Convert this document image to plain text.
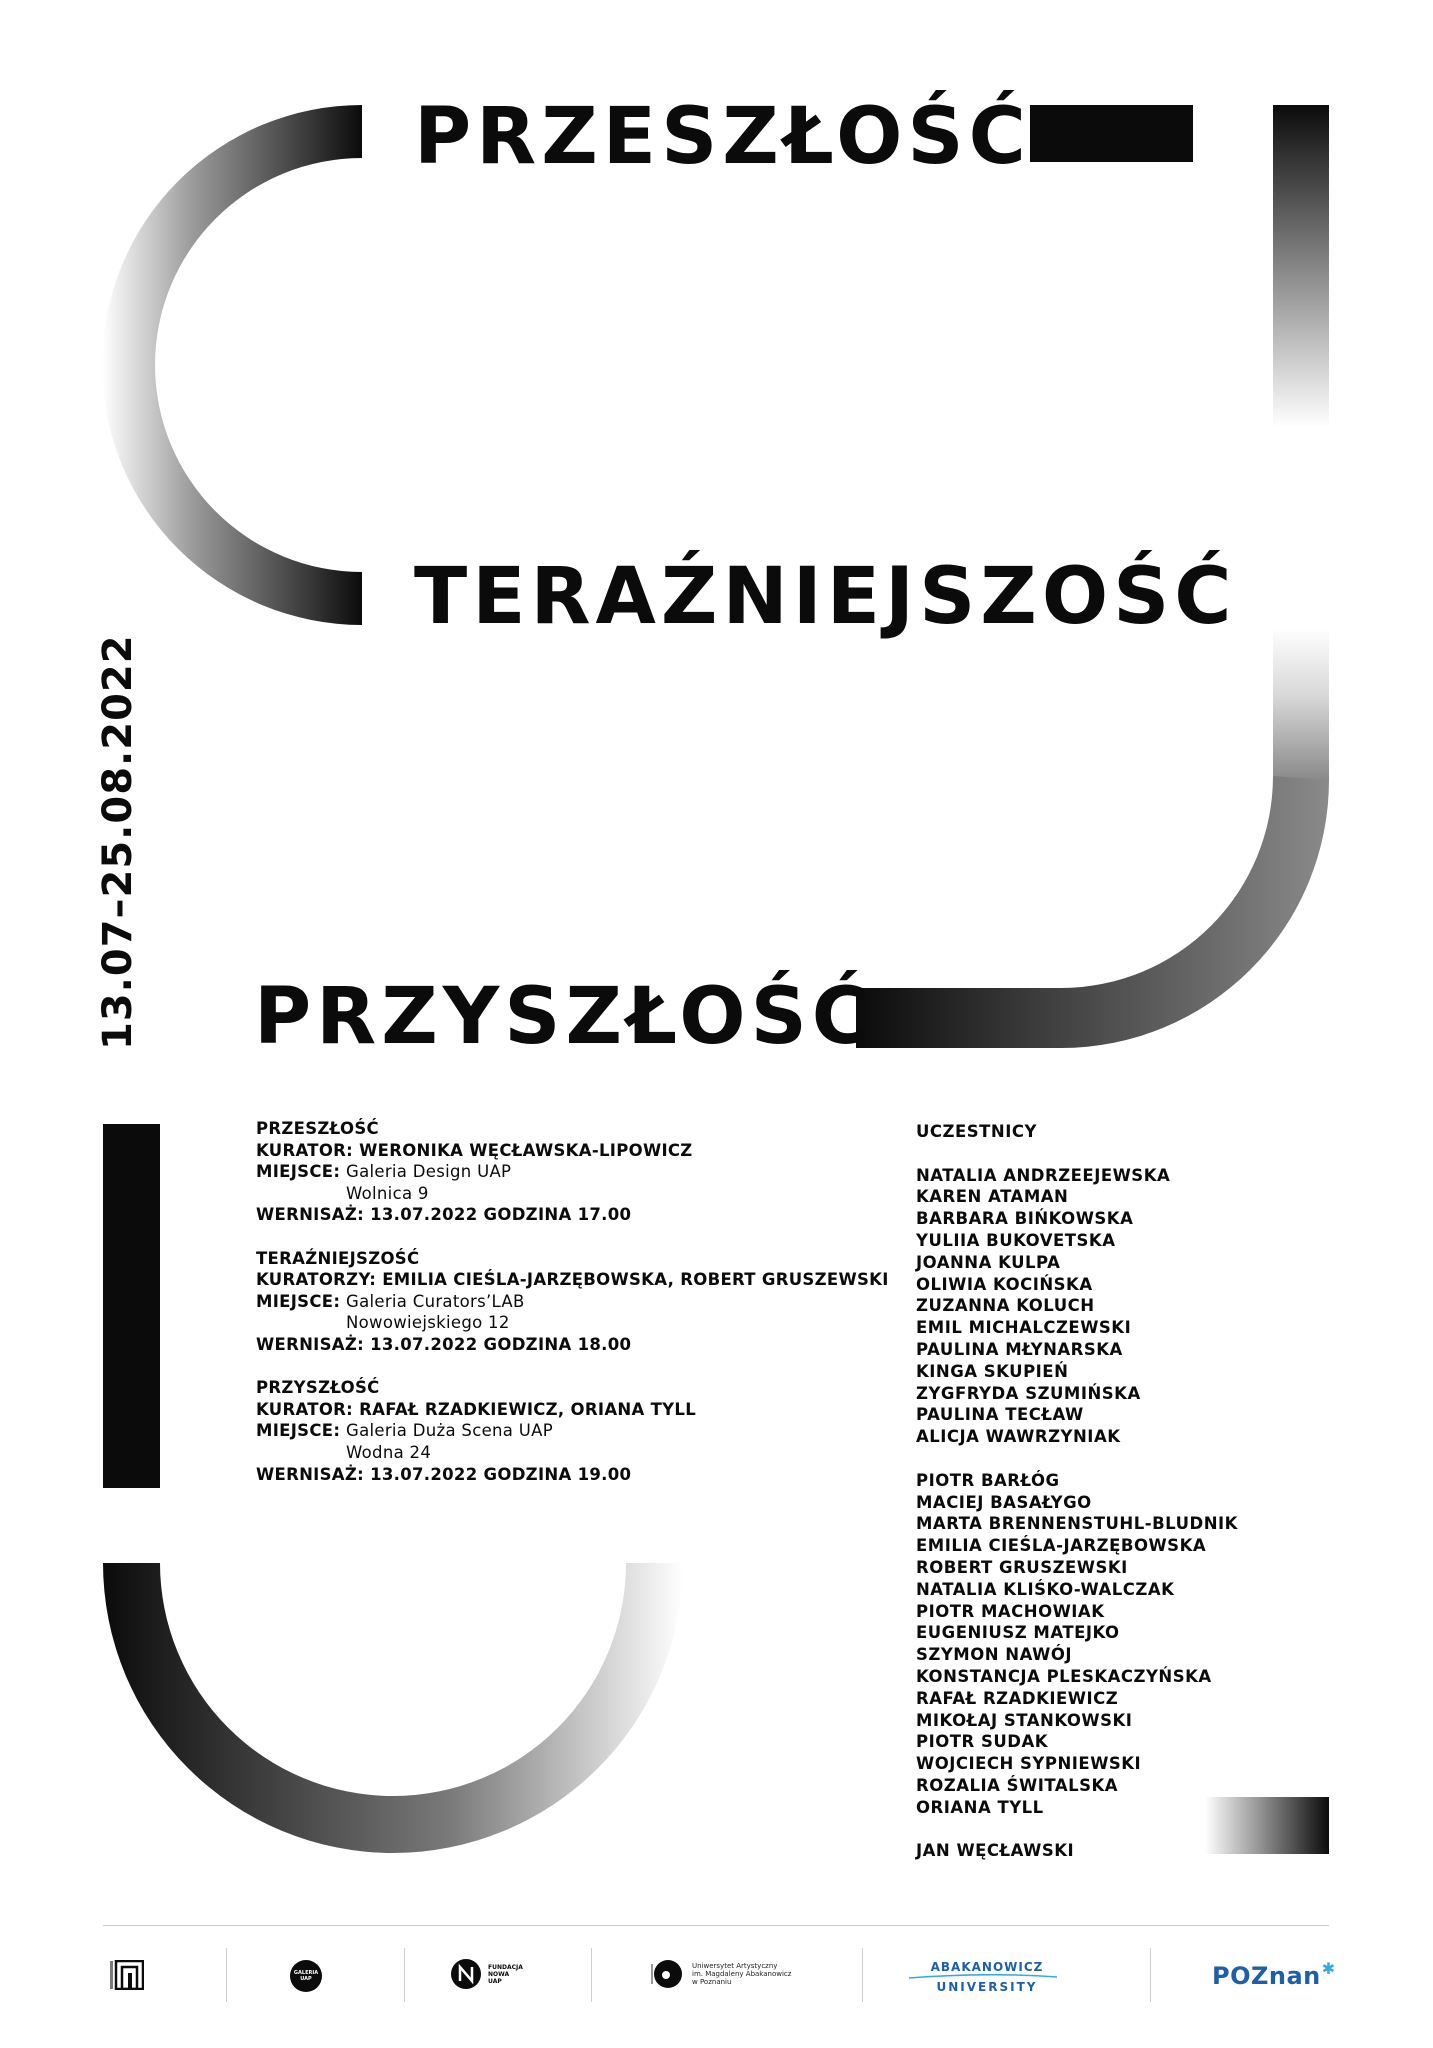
PRZESZŁOŚĆ
TERAŹNIEJSZOŚĆ
PRZYSZŁOŚĆ
13.07–25.08.2022
PRZESZŁOŚĆ
KURATOR:
WERONIKA WĘCŁAWSKA-LIPOWICZ
MIEJSCE: Galeria Design UAP
Wolnica 9
WERNISAŻ:
13.07.2022 GODZINA 17.00
TERAŹNIEJSZOŚĆ
KURATORZY:
EMILIA CIEŚLA-JARZĘBOWSKA, ROBERT GRUSZEWSKI
MIEJSCE: Galeria Curators’LAB
Nowowiejskiego 12
WERNISAŻ:
13.07.2022 GODZINA 18.00
PRZYSZŁOŚĆ
KURATOR:
RAFAŁ RZADKIEWICZ, ORIANA TYLL
MIEJSCE: Galeria Duża Scena UAP
Wodna 24
WERNISAŻ:
13.07.2022 GODZINA 19.00
UCZESTNICY
NATALIA ANDRZEEJEWSKA
KAREN ATAMAN
BARBARA BIŃKOWSKA
YULIIA BUKOVETSKA
JOANNA KULPA
OLIWIA KOCIŃSKA
ZUZANNA KOLUCH
EMIL MICHALCZEWSKI
PAULINA MŁYNARSKA
KINGA SKUPIEŃ
ZYGFRYDA SZUMIŃSKA
PAULINA TECŁAW
ALICJA WAWRZYNIAK
PIOTR BARŁÓG
MACIEJ BASAŁYGO
MARTA BRENNENSTUHL-BLUDNIK
EMILIA CIEŚLA-JARZĘBOWSKA
ROBERT GRUSZEWSKI
NATALIA KLIŚKO-WALCZAK
PIOTR MACHOWIAK
EUGENIUSZ MATEJKO
SZYMON NAWÓJ
KONSTANCJA PLESKACZYŃSKA
RAFAŁ RZADKIEWICZ
MIKOŁAJ STANKOWSKI
PIOTR SUDAK
WOJCIECH SYPNIEWSKI
ROZALIA ŚWITALSKA
ORIANA TYLL
JAN WĘCŁAWSKI
GALERIA
UAP
FUNDACJA
NOWA
UAP
Uniwersytet Artystyczny
im. Magdaleny Abakanowicz
w Poznaniu
ABAKANOWICZ
UNIVERSITY	POZnan ✱
